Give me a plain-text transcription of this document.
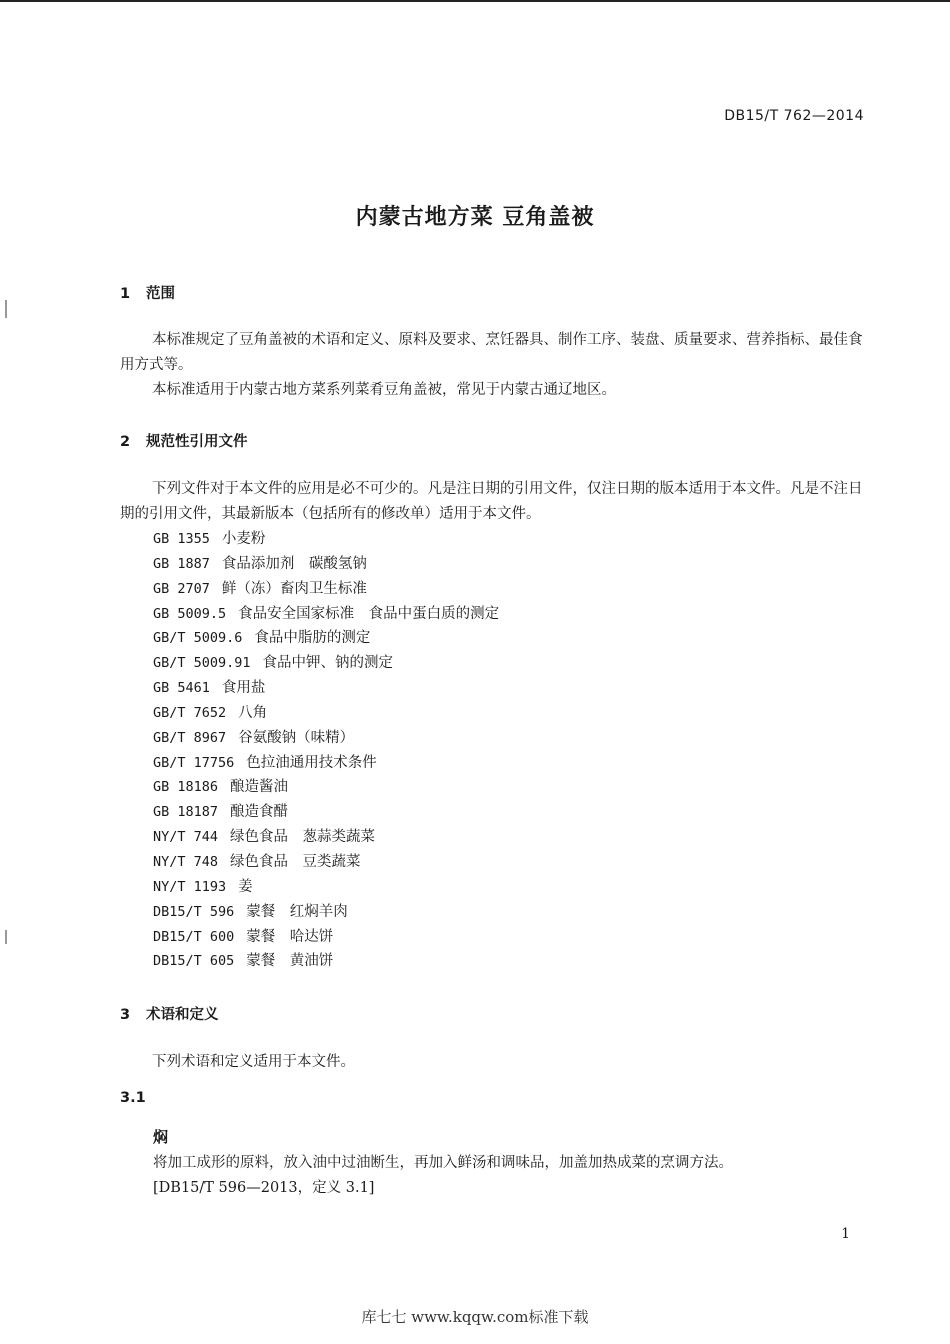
DB15/T 762—2014
内蒙古地方菜 豆角盖被
1 范围
本标准规定了豆角盖被的术语和定义、原料及要求、烹饪器具、制作工序、装盘、质量要求、营养指标、最佳食用方式等。
本标准适用于内蒙古地方菜系列菜肴豆角盖被，常见于内蒙古通辽地区。
2 规范性引用文件
下列文件对于本文件的应用是必不可少的。凡是注日期的引用文件，仅注日期的版本适用于本文件。凡是不注日期的引用文件，其最新版本（包括所有的修改单）适用于本文件。
GB 1355 小麦粉
GB 1887 食品添加剂　碳酸氢钠
GB 2707 鲜（冻）畜肉卫生标准
GB 5009.5 食品安全国家标准　食品中蛋白质的测定
GB/T 5009.6 食品中脂肪的测定
GB/T 5009.91 食品中钾、钠的测定
GB 5461 食用盐
GB/T 7652 八角
GB/T 8967 谷氨酸钠（味精）
GB/T 17756 色拉油通用技术条件
GB 18186 酿造酱油
GB 18187 酿造食醋
NY/T 744 绿色食品　葱蒜类蔬菜
NY/T 748 绿色食品　豆类蔬菜
NY/T 1193 姜
DB15/T 596 蒙餐　红焖羊肉
DB15/T 600 蒙餐　哈达饼
DB15/T 605 蒙餐　黄油饼
3 术语和定义
下列术语和定义适用于本文件。
3.1
焖
将加工成形的原料，放入油中过油断生，再加入鲜汤和调味品，加盖加热成菜的烹调方法。
[DB15/T 596—2013，定义 3.1]
1
库七七 www.kqqw.com标准下载
